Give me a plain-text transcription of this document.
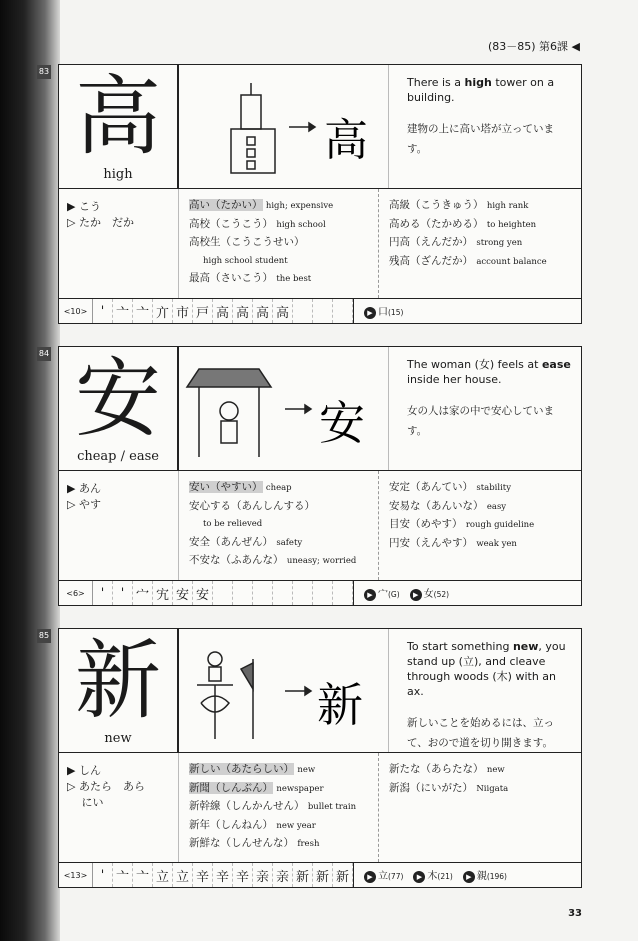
(83－85) 第6課 ◀
83 高
high
高
There is a high tower on a building.
建物の上に高い塔が立っています。
▶ こう
▷ たか　だか
高い（たかい） high; expensive
高校（こうこう） high school
高校生（こうこうせい）
high school student
最高（さいこう） the best
高級（こうきゅう） high rank
高める（たかめる） to heighten
円高（えんだか） strong yen
残高（ざんだか） account balance
<10>	' 亠 亠 亣 市 戸 高 高 高 高	▶ 口(15)
84 安
cheap / ease
安
The woman (女) feels at ease inside her house.
女の人は家の中で安心しています。
▶ あん
▷ やす
安い（やすい） cheap
安心する（あんしんする）
to be relieved
安全（あんぜん） safety
不安な（ふあんな） uneasy; worried
安定（あんてい） stability
安易な（あんいな） easy
目安（めやす） rough guideline
円安（えんやす） weak yen
<6>	'	' 宀 宄 安 安	▶ 宀(G)	▶ 女(52)
85 新
new
新
To start something new, you stand up (立), and cleave through woods (木) with an ax.
新しいことを始めるには、立って、おので道を切り開きます。
▶ しん
▷ あたら　あら
　 にい
新しい（あたらしい） new
新聞（しんぶん） newspaper
新幹線（しんかんせん） bullet train
新年（しんねん） new year
新鮮な（しんせんな） fresh
新たな（あらたな） new
新潟（にいがた） Niigata
<13>	' 亠 亠 立 立 辛 辛 辛 亲 亲 新 新 新	▶ 立(77)	▶ 木(21)	▶ 親(196)
33
